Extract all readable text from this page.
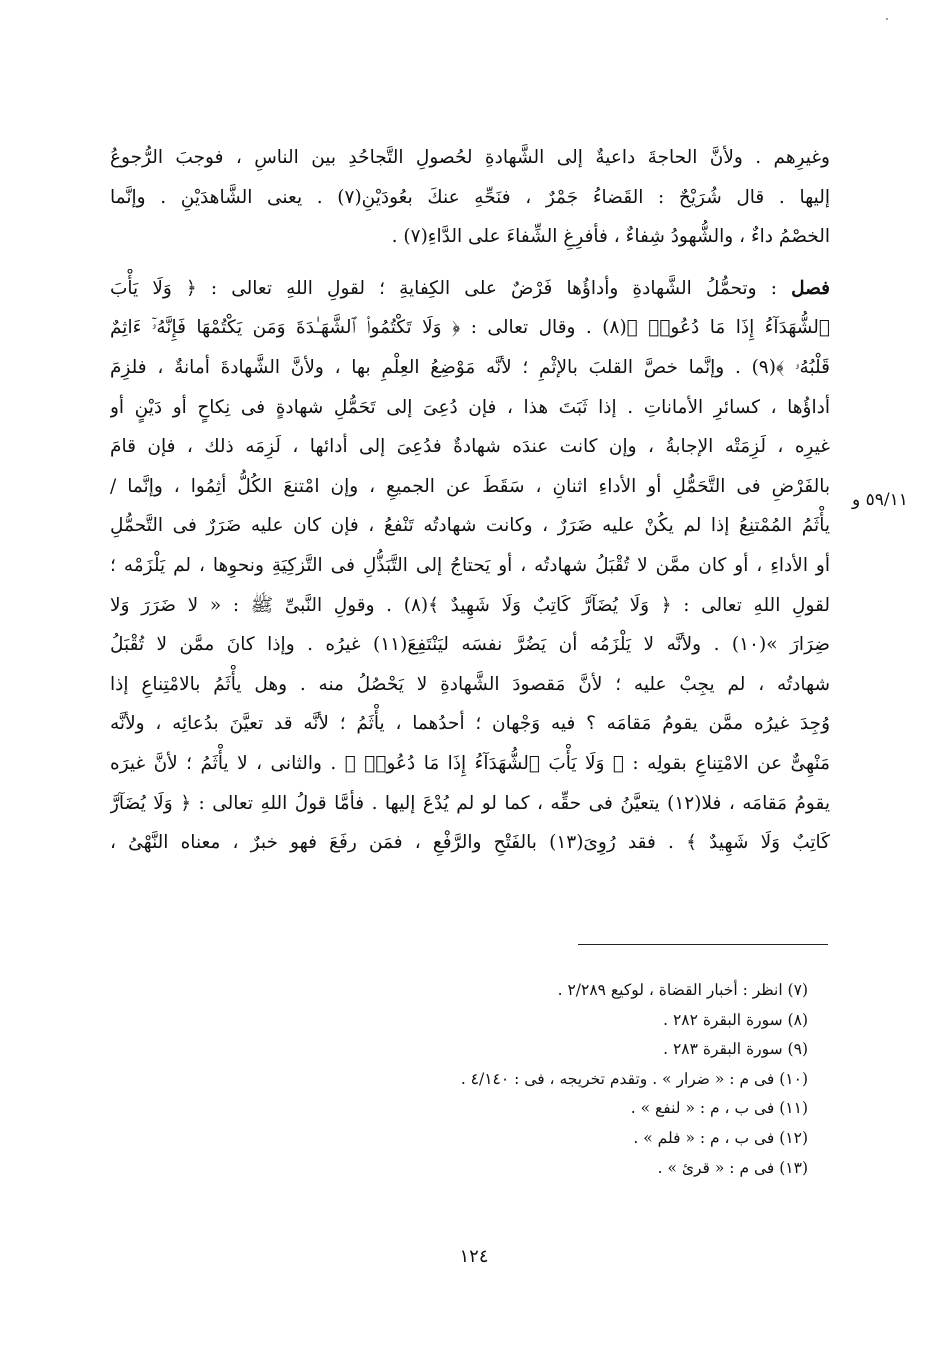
وغيرِهم . ولأنَّ الحاجةَ داعيةٌ إلى الشَّهادةِ لحُصولِ التَّجاحُدِ بين الناسِ ، فوجبَ الرُّجوعُ
إليها . قال شُرَيْحٌ : القَضاءُ جَمْرٌ ، فنَحِّهِ عنكَ بعُودَيْنِ(٧) . يعنى الشَّاهدَيْنِ . وإنَّما
الخصْمُ داءٌ ، والشُّهودُ شِفاءٌ ، فأفرِغِ الشِّفاءَ على الدَّاءِ(٧) .
فصل : وتحمُّلُ الشَّهادةِ وأداؤُها فَرْضٌ على الكِفايةِ ؛ لقولِ اللهِ تعالى : ﴿ وَلَا يَأْبَ
ٱلشُّهَدَآءُ إِذَا مَا دُعُوا۟ ﴾(٨) . وقال تعالى : ﴿ وَلَا تَكْتُمُوا۟ ٱلشَّهَـٰدَةَ وَمَن يَكْتُمْهَا فَإِنَّهُۥٓ ءَاثِمٌ
قَلْبُهُۥ ﴾(٩) . وإنَّما خصَّ القلبَ بالإثْمِ ؛ لأنَّه مَوْضِعُ العِلْمِ بها ، ولأنَّ الشَّهادةَ أمانةٌ ، فلزِمَ
أداؤُها ، كسائرِ الأماناتِ . إذا ثَبَتَ هذا ، فإن دُعِىَ إلى تَحَمُّلِ شهادةٍ فى نِكاحٍ أو دَيْنٍ أو
غيرِه ، لَزِمَتْه الإجابةُ ، وإن كانت عندَه شهادةٌ فدُعِىَ إلى أدائها ، لَزِمَه ذلك ، فإن قامَ
بالفَرْضِ فى التَّحَمُّلِ أو الأداءِ اثنانِ ، سَقَطَ عن الجميعِ ، وإن امْتنعَ الكُلُّ أثِمُوا ، وإنَّما /
يأْثَمُ المُمْتنِعُ إذا لم يكُنْ عليه ضَرَرٌ ، وكانت شهادتُه تَنْفعُ ، فإن كان عليه ضَرَرٌ فى التَّحمُّلِ
أو الأداءِ ، أو كان ممَّن لا تُقْبَلُ شهادتُه ، أو يَحتاجُ إلى التَّبَذُّلِ فى التَّزكِيَةِ ونحوِها ، لم يَلْزَمْه ؛
لقولِ اللهِ تعالى : ﴿ وَلَا يُضَآرَّ كَاتِبٌ وَلَا شَهِيدٌ ﴾(٨) . وقولِ النَّبىِّ ﷺ : « لا ضَرَرَ وَلا
ضِرَارَ »(١٠) . ولأنَّه لا يَلْزَمُه أن يَضُرَّ نفسَه ليَنْتَفِعَ(١١) غيرُه . وإذا كانَ ممَّن لا تُقْبَلُ
شهادتُه ، لم يجِبْ عليه ؛ لأنَّ مَقصودَ الشَّهادةِ لا يَحْصُلُ منه . وهل يأْثَمُ بالامْتِناعِ إذا
وُجِدَ غيرُه ممَّن يقومُ مَقامَه ؟ فيه وَجْهان ؛ أحدُهما ، يأْثَمُ ؛ لأنَّه قد تعيَّنَ بدُعائِه ، ولأنَّه
مَنْهِىٌّ عن الامْتِناعِ بقولِه : ﴿ وَلَا يَأْبَ ٱلشُّهَدَآءُ إِذَا مَا دُعُوا۟ ﴾ . والثانى ، لا يأْثَمُ ؛ لأنَّ غيرَه
يقومُ مَقامَه ، فلا(١٢) يتعيَّنُ فى حقِّه ، كما لو لم يُدْعَ إليها . فأمَّا قولُ اللهِ تعالى : ﴿ وَلَا يُضَآرَّ
كَاتِبٌ وَلَا شَهِيدٌ ﴾ . فقد رُوِىَ(١٣) بالفَتْحِ والرَّفْعِ ، فمَن رفَعَ فهو خبرٌ ، معناه النَّهْىُ ،
٥٩/١١ و
(٧) انظر : أخبار القضاة ، لوكيع ٢/٢٨٩ .
(٨) سورة البقرة ٢٨٢ .
(٩) سورة البقرة ٢٨٣ .
(١٠) فى م : « ضرار » . وتقدم تخريجه ، فى : ٤/١٤٠ .
(١١) فى ب ، م : « لنفع » .
(١٢) فى ب ، م : « فلم » .
(١٣) فى م : « قرئ » .
١٢٤
